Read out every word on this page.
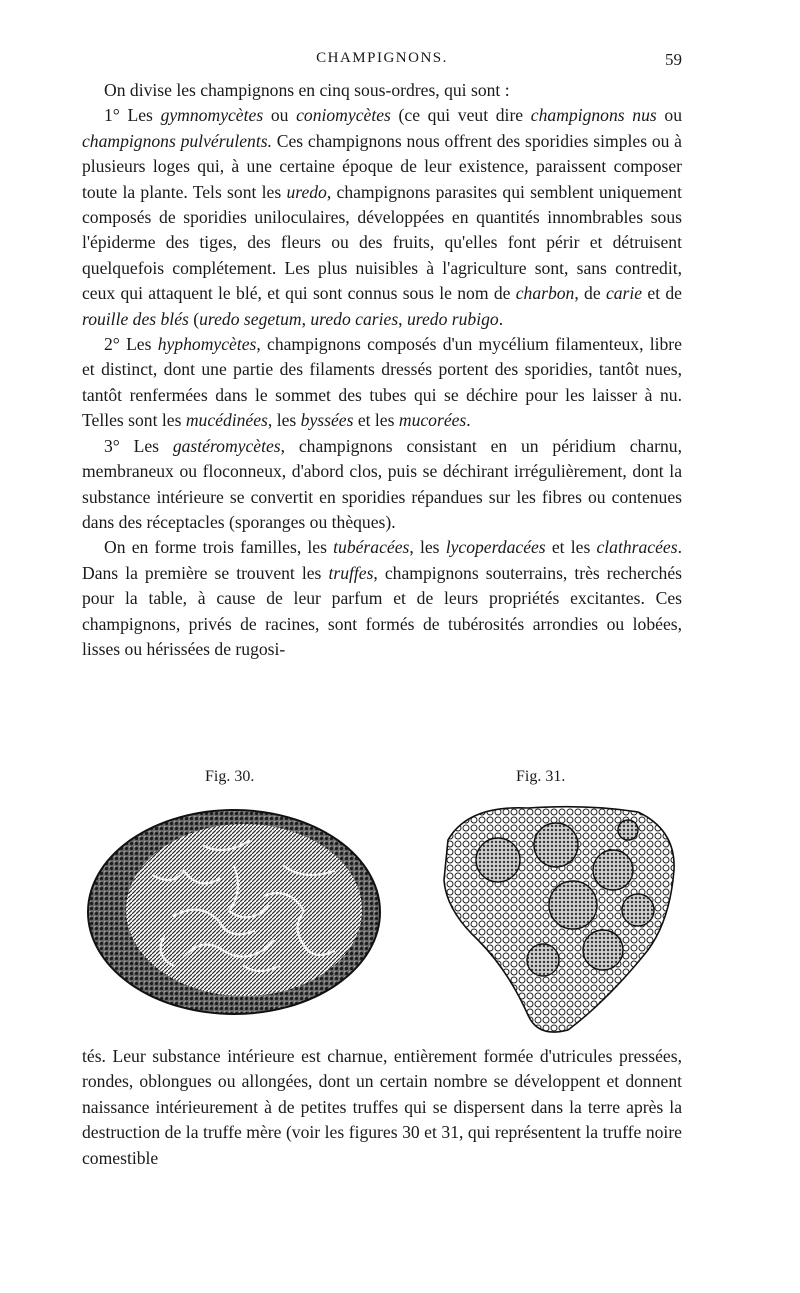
CHAMPIGNONS.	59

On divise les champignons en cinq sous-ordres, qui sont :

1° Les gymnomycètes ou coniomycètes (ce qui veut dire champignons nus ou champignons pulvérulents. Ces champignons nous offrent des sporidies simples ou à plusieurs loges qui, à une certaine époque de leur existence, paraissent composer toute la plante. Tels sont les uredo, champignons parasites qui semblent uniquement composés de sporidies uniloculaires, développées en quantités innombrables sous l'épiderme des tiges, des fleurs ou des fruits, qu'elles font périr et détruisent quelquefois complétement. Les plus nuisibles à l'agriculture sont, sans contredit, ceux qui attaquent le blé, et qui sont connus sous le nom de charbon, de carie et de rouille des blés (uredo segetum, uredo caries, uredo rubigo.

2° Les hyphomycètes, champignons composés d'un mycélium filamenteux, libre et distinct, dont une partie des filaments dressés portent des sporidies, tantôt nues, tantôt renfermées dans le sommet des tubes qui se déchire pour les laisser à nu. Telles sont les mucédinées, les byssées et les mucorées.

3° Les gastéromycètes, champignons consistant en un péridium charnu, membraneux ou floconneux, d'abord clos, puis se déchirant irrégulièrement, dont la substance intérieure se convertit en sporidies répandues sur les fibres ou contenues dans des réceptacles (sporanges ou thèques).

On en forme trois familles, les tubéracées, les lycoperdacées et les clathracées. Dans la première se trouvent les truffes, champignons souterrains, très recherchés pour la table, à cause de leur parfum et de leurs propriétés excitantes. Ces champignons, privés de racines, sont formés de tubérosités arrondies ou lobées, lisses ou hérissées de rugosi-

Fig. 30.	Fig. 31.

tés. Leur substance intérieure est charnue, entièrement formée d'utricules pressées, rondes, oblongues ou allongées, dont un certain nombre se développent et donnent naissance intérieurement à de petites truffes qui se dispersent dans la terre après la destruction de la truffe mère (voir les figures 30 et 31, qui représentent la truffe noire comestible
